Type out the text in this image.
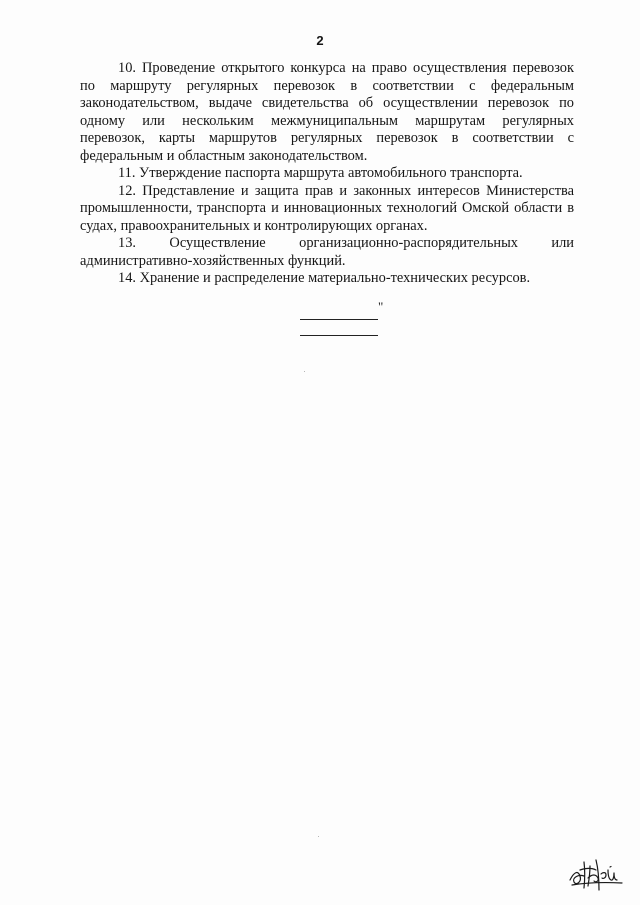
2

10. Проведение открытого конкурса на право осуществления перевозок по маршруту регулярных перевозок в соответствии с федеральным законодательством, выдаче свидетельства об осуществлении перевозок по одному или нескольким межмуниципальным маршрутам регулярных перевозок, карты маршрутов регулярных перевозок в соответствии с федеральным и областным законодательством.

11. Утверждение паспорта маршрута автомобильного транспорта.

12. Представление и защита прав и законных интересов Министерства промышленности, транспорта и инновационных технологий Омской области в судах, правоохранительных и контролирующих органах.

13. Осуществление организационно-распорядительных или административно-хозяйственных функций.

14. Хранение и распределение материально-технических ресурсов.

"
